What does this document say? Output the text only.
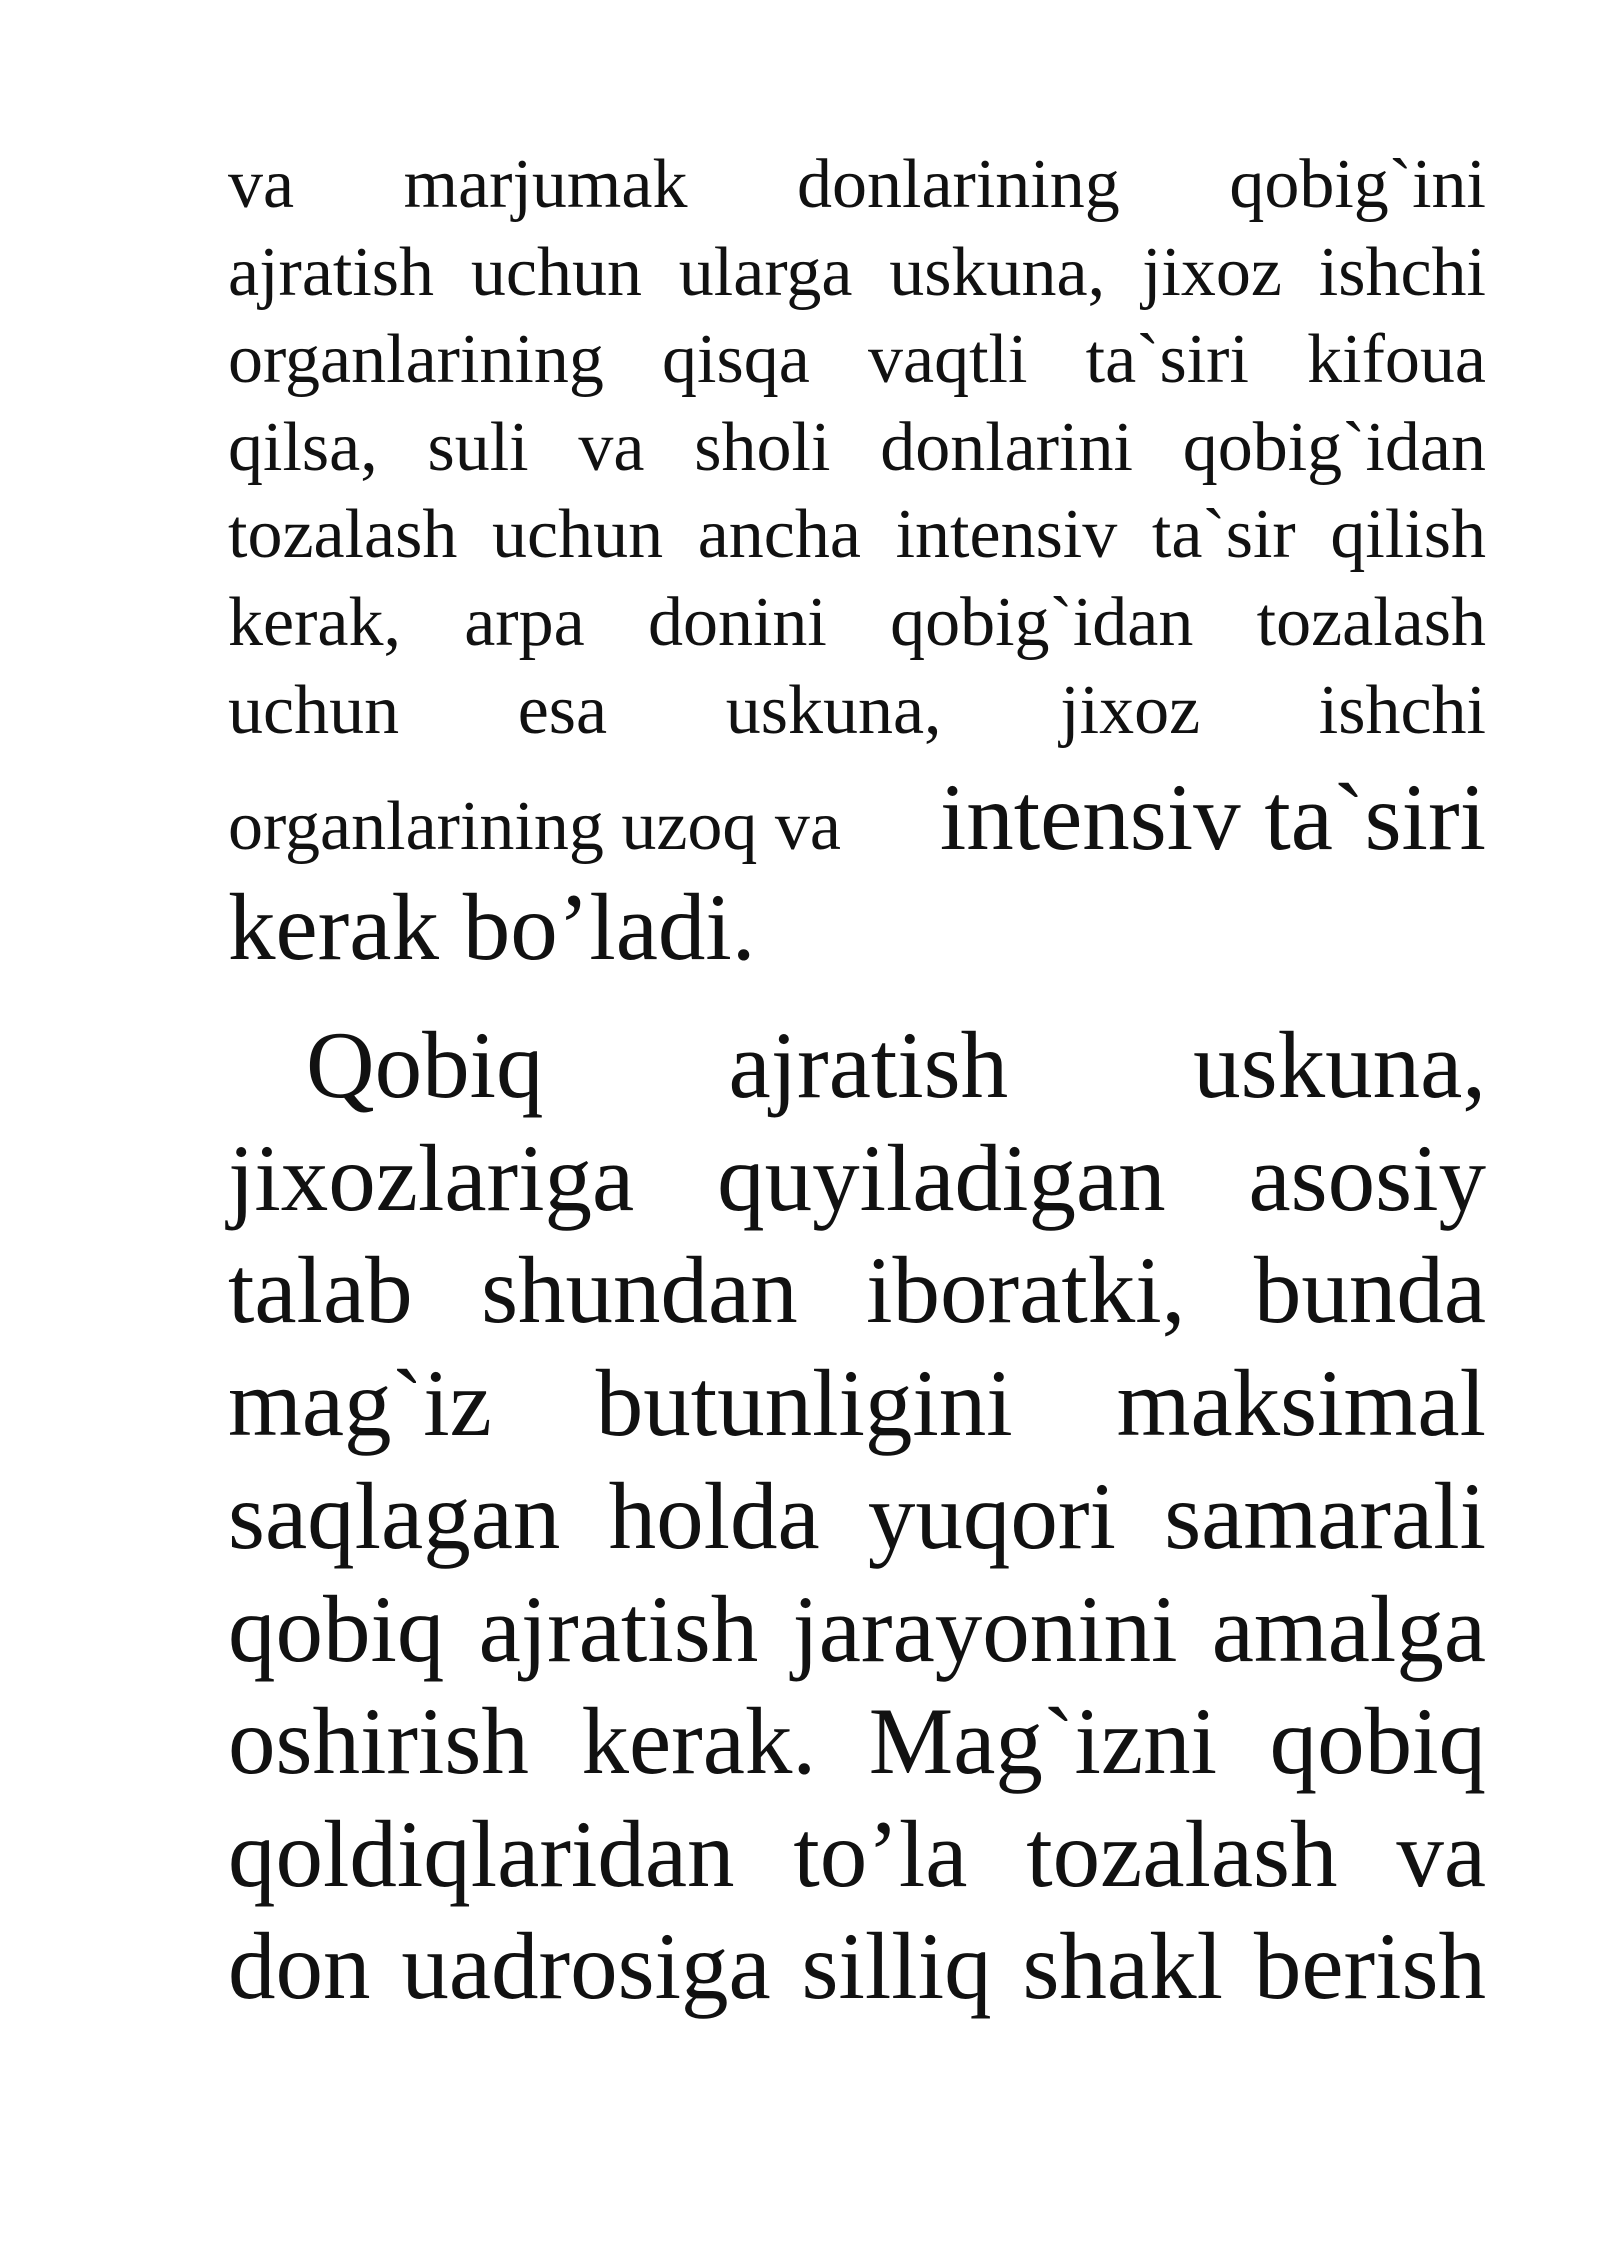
va marjumak donlarining qobig`ini
ajratish uchun ularga uskuna, jixoz ishchi
organlarining qisqa vaqtli ta`siri kifoua
qilsa, suli va sholi donlarini qobig`idan
tozalash uchun ancha intensiv ta`sir qilish
kerak, arpa donini qobig`idan tozalash
uchun esa uskuna, jixoz ishchi
organlarining uzoq va intensiv ta`siri
kerak bo’ladi.
Qobiq ajratish uskuna,
jixozlariga quyiladigan asosiy
talab shundan iboratki, bunda
mag`iz butunligini maksimal
saqlagan holda yuqori samarali
qobiq ajratish jarayonini amalga
oshirish kerak. Mag`izni qobiq
qoldiqlaridan to’la tozalash va
don uadrosiga silliq shakl berish
